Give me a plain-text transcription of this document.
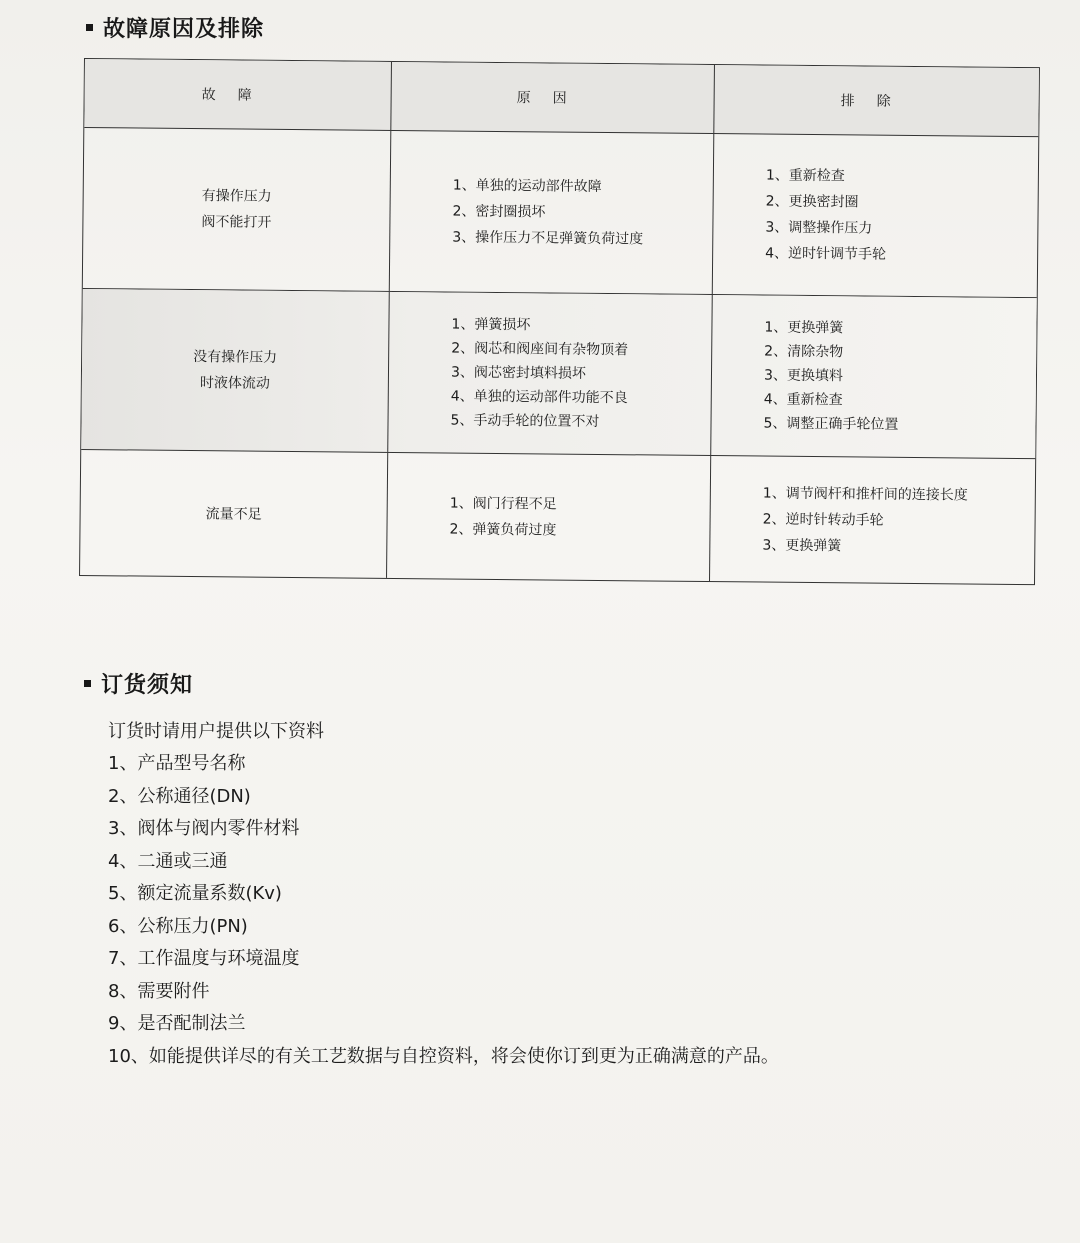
故障原因及排除
故障	原因	排除
有操作压力
阀不能打开
1、单独的运动部件故障
2、密封圈损坏
3、操作压力不足弹簧负荷过度
1、重新检查
2、更换密封圈
3、调整操作压力
4、逆时针调节手轮
没有操作压力
时液体流动
1、弹簧损坏
2、阀芯和阀座间有杂物顶着
3、阀芯密封填料损坏
4、单独的运动部件功能不良
5、手动手轮的位置不对
1、更换弹簧
2、清除杂物
3、更换填料
4、重新检查
5、调整正确手轮位置
流量不足
1、阀门行程不足
2、弹簧负荷过度
1、调节阀杆和推杆间的连接长度
2、逆时针转动手轮
3、更换弹簧
订货须知
订货时请用户提供以下资料
1、产品型号名称
2、公称通径(DN)
3、阀体与阀内零件材料
4、二通或三通
5、额定流量系数(Kv)
6、公称压力(PN)
7、工作温度与环境温度
8、需要附件
9、是否配制法兰
10、如能提供详尽的有关工艺数据与自控资料，将会使你订到更为正确满意的产品。
